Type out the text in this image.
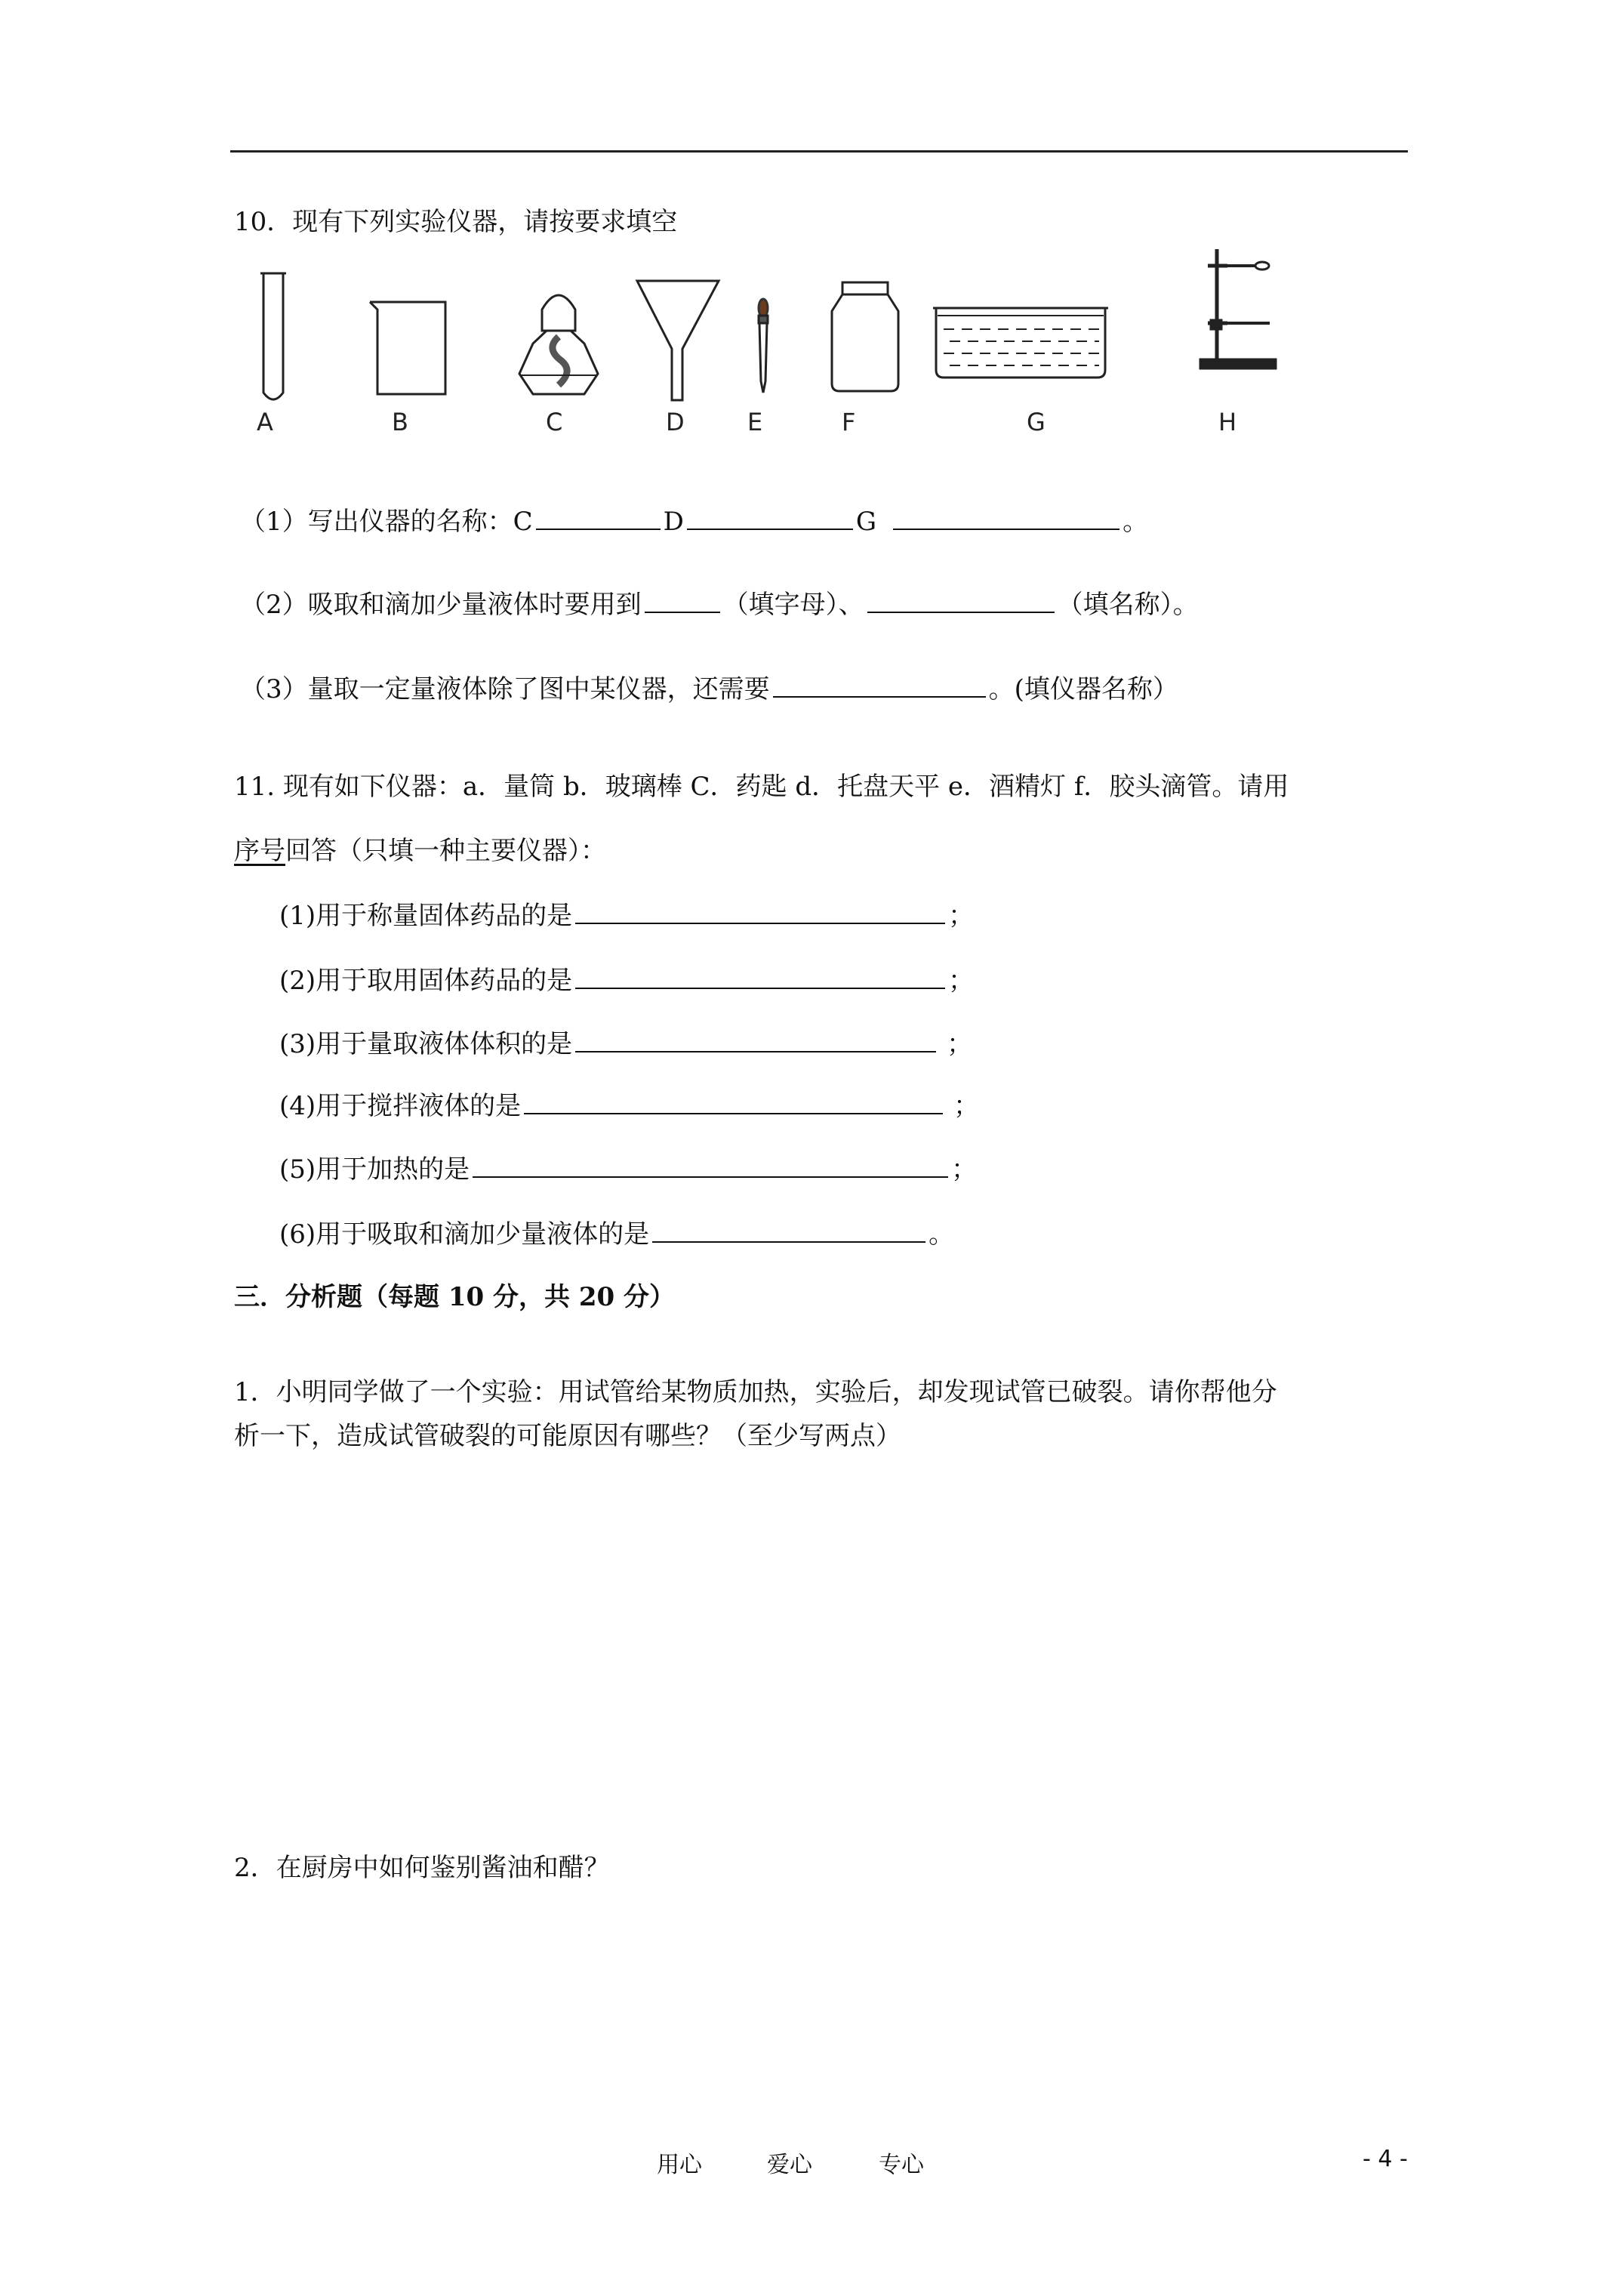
10．现有下列实验仪器，请按要求填空
A	B	C	D	E	F	G	H
（1）写出仪器的名称：C	D	G	。
（2）吸取和滴加少量液体时要用到	（填字母）、	（填名称）。
（3）量取一定量液体除了图中某仪器，还需要	。(填仪器名称）
11. 现有如下仪器：a．量筒 b．玻璃棒 C．药匙 d．托盘天平 e．酒精灯 f．胶头滴管。请用
序号回答（只填一种主要仪器）：
(1)用于称量固体药品的是	；
(2)用于取用固体药品的是	；
(3)用于量取液体体积的是	；
(4)用于搅拌液体的是	；
(5)用于加热的是	；
(6)用于吸取和滴加少量液体的是	。
三．分析题（每题 10 分，共 20 分）
1．小明同学做了一个实验：用试管给某物质加热，实验后，却发现试管已破裂。请你帮他分
析一下，造成试管破裂的可能原因有哪些？（至少写两点）
2．在厨房中如何鉴别酱油和醋？
用心	爱心	专心	- 4 -
